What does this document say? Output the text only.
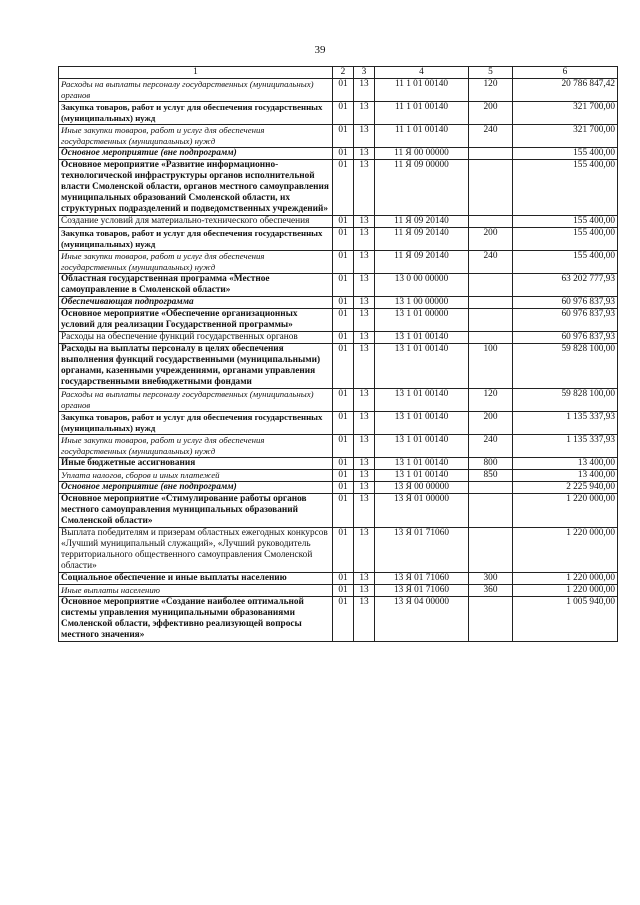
39
1	2	3	4	5	6
Расходы на выплаты персоналу государственных (муниципальных) органов	01	13	11 1 01 00140	120	20 786 847,42
Закупка товаров, работ и услуг для обеспечения государственных (муниципальных) нужд	01	13	11 1 01 00140	200	321 700,00
Иные закупки товаров, работ и услуг для обеспечения государственных (муниципальных) нужд	01	13	11 1 01 00140	240	321 700,00
Основное мероприятие (вне подпрограмм)	01	13	11 Я 00 00000		155 400,00
Основное мероприятие «Развитие информационно-технологической инфраструктуры органов исполнительной власти Смоленской области, органов местного самоуправления муниципальных образований Смоленской области, их структурных подразделений и подведомственных учреждений»	01	13	11 Я 09 00000		155 400,00
Создание условий для материально-технического обеспечения	01	13	11 Я 09 20140		155 400,00
Закупка товаров, работ и услуг для обеспечения государственных (муниципальных) нужд	01	13	11 Я 09 20140	200	155 400,00
Иные закупки товаров, работ и услуг для обеспечения государственных (муниципальных) нужд	01	13	11 Я 09 20140	240	155 400,00
Областная государственная программа «Местное самоуправление в Смоленской области»	01	13	13 0 00 00000		63 202 777,93
Обеспечивающая подпрограмма	01	13	13 1 00 00000		60 976 837,93
Основное мероприятие «Обеспечение организационных условий для реализации Государственной программы»	01	13	13 1 01 00000		60 976 837,93
Расходы на обеспечение функций государственных органов	01	13	13 1 01 00140		60 976 837,93
Расходы на выплаты персоналу в целях обеспечения выполнения функций государственными (муниципальными) органами, казенными учреждениями, органами управления государственными внебюджетными фондами	01	13	13 1 01 00140	100	59 828 100,00
Расходы на выплаты персоналу государственных (муниципальных) органов	01	13	13 1 01 00140	120	59 828 100,00
Закупка товаров, работ и услуг для обеспечения государственных (муниципальных) нужд	01	13	13 1 01 00140	200	1 135 337,93
Иные закупки товаров, работ и услуг для обеспечения государственных (муниципальных) нужд	01	13	13 1 01 00140	240	1 135 337,93
Иные бюджетные ассигнования	01	13	13 1 01 00140	800	13 400,00
Уплата налогов, сборов и иных платежей	01	13	13 1 01 00140	850	13 400,00
Основное мероприятие (вне подпрограмм)	01	13	13 Я 00 00000		2 225 940,00
Основное мероприятие «Стимулирование работы органов местного самоуправления муниципальных образований Смоленской области»	01	13	13 Я 01 00000		1 220 000,00
Выплата победителям и призерам областных ежегодных конкурсов «Лучший муниципальный служащий», «Лучший руководитель территориального общественного самоуправления Смоленской области»	01	13	13 Я 01 71060		1 220 000,00
Социальное обеспечение и иные выплаты населению	01	13	13 Я 01 71060	300	1 220 000,00
Иные выплаты населению	01	13	13 Я 01 71060	360	1 220 000,00
Основное мероприятие «Создание наиболее оптимальной системы управления муниципальными образованиями Смоленской области, эффективно реализующей вопросы местного значения»	01	13	13 Я 04 00000		1 005 940,00
